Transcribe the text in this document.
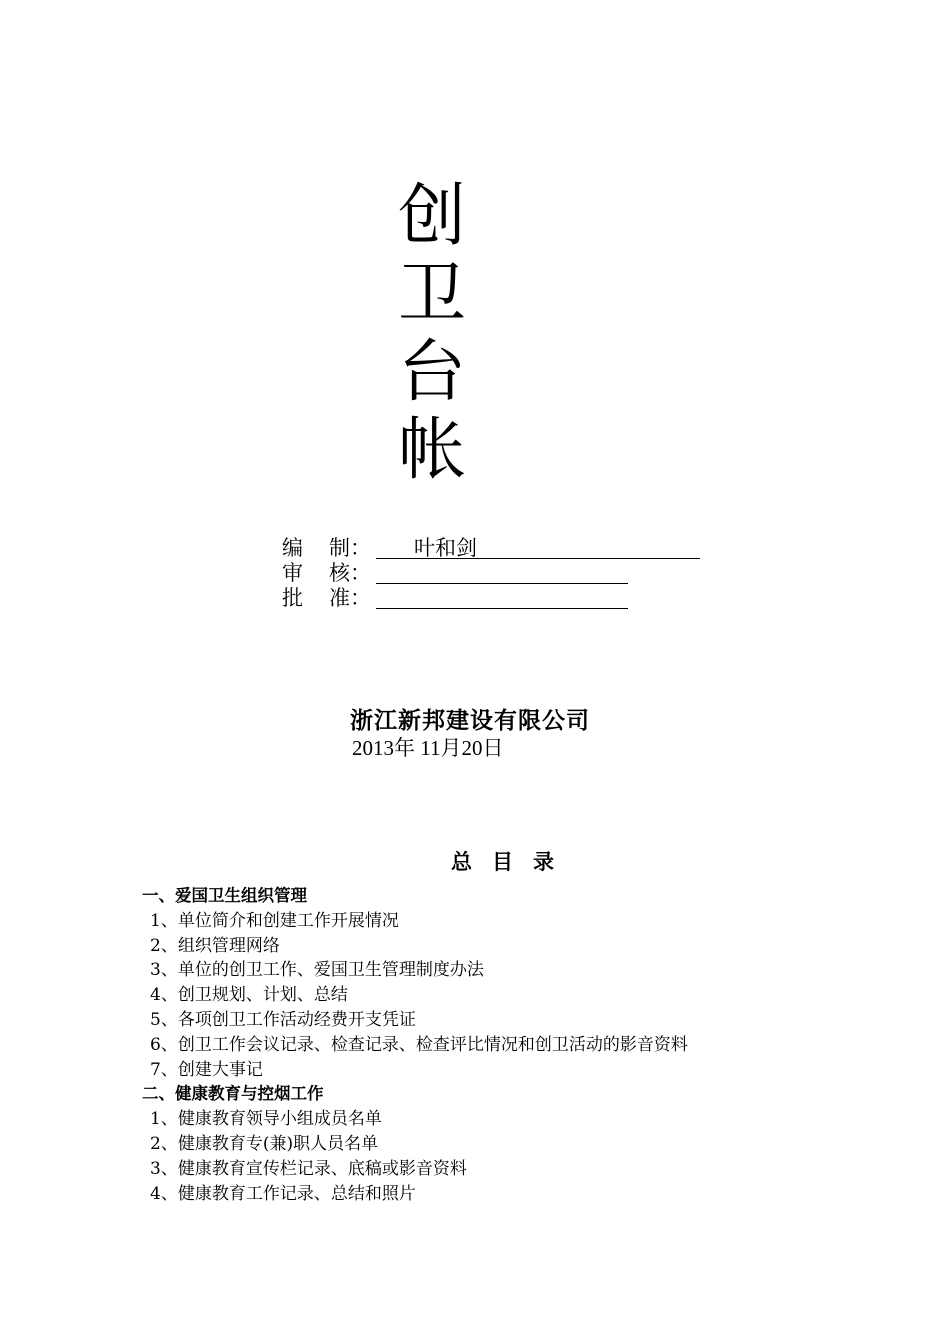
创
卫
台
帐
编 制： 叶和剑
审 核：
批 准：
浙江新邦建设有限公司
2013年 11月20日
总目录
一、爱国卫生组织管理
1、单位简介和创建工作开展情况
2、组织管理网络
3、单位的创卫工作、爱国卫生管理制度办法
4、创卫规划、计划、总结
5、各项创卫工作活动经费开支凭证
6、创卫工作会议记录、检查记录、检查评比情况和创卫活动的影音资料
7、创建大事记
二、健康教育与控烟工作
1、健康教育领导小组成员名单
2、健康教育专(兼)职人员名单
3、健康教育宣传栏记录、底稿或影音资料
4、健康教育工作记录、总结和照片
